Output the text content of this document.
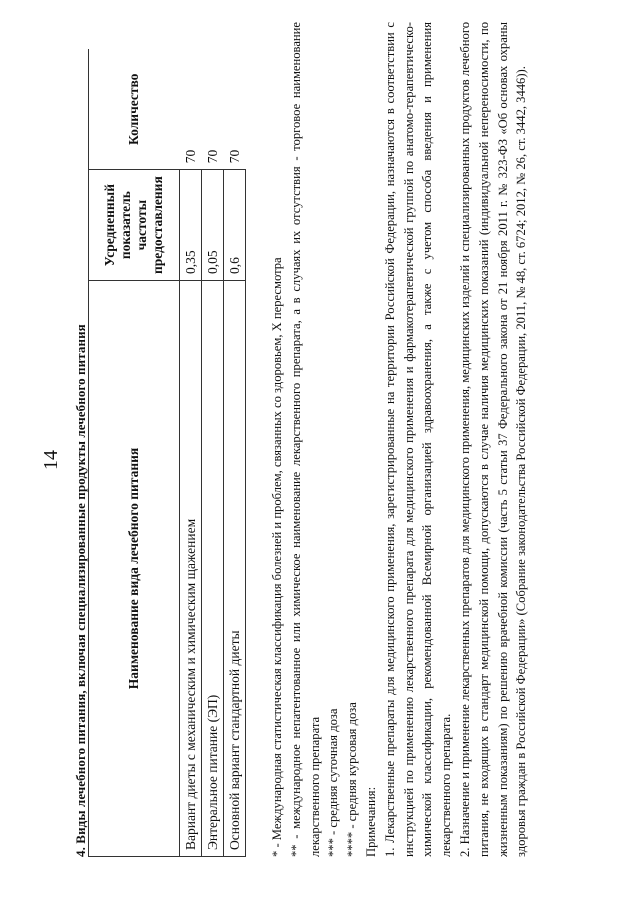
14 4. Виды лечебного питания, включая специализированные продукты лечебного питания	Наименование вида лечебного питания	Усредненный показатель частоты предоставления	Количество
Вариант диеты с механическим и химическим щажением	0,35	70
Энтеральное питание (ЭП)	0,05	70
Основной вариант стандартной диеты	0,6	70

* - Международная статистическая классификация болезней и проблем, связанных со здоровьем, X пересмотра ** - международное непатентованное или химическое наименование лекарственного препарата, а в случаях их отсутствия - торговое наименование лекарственного препарата *** - средняя суточная доза **** - средняя курсовая доза Примечания: 1. Лекарственные препараты для медицинского применения, зарегистрированные на территории Российской Федерации, назначаются в соответствии с инструкцией по применению лекарственного препарата для медицинского применения и фармакотерапевтической группой по анатомо-терапевтическо-химической классификации, рекомендованной Всемирной организацией здравоохранения, а также с учетом способа введения и применения лекарственного препарата. 2. Назначение и применение лекарственных препаратов для медицинского применения, медицинских изделий и специализированных продуктов лечебного питания, не входящих в стандарт медицинской помощи, допускаются в случае наличия медицинских показаний (индивидуальной непереносимости, по жизненным показаниям) по решению врачебной комиссии (часть 5 статьи 37 Федерального закона от 21 ноября 2011 г. № 323-ФЗ «Об основах охраны здоровья граждан в Российской Федерации» (Собрание законодательства Российской Федерации, 2011, № 48, ст. 6724; 2012, № 26, ст. 3442, 3446)).
